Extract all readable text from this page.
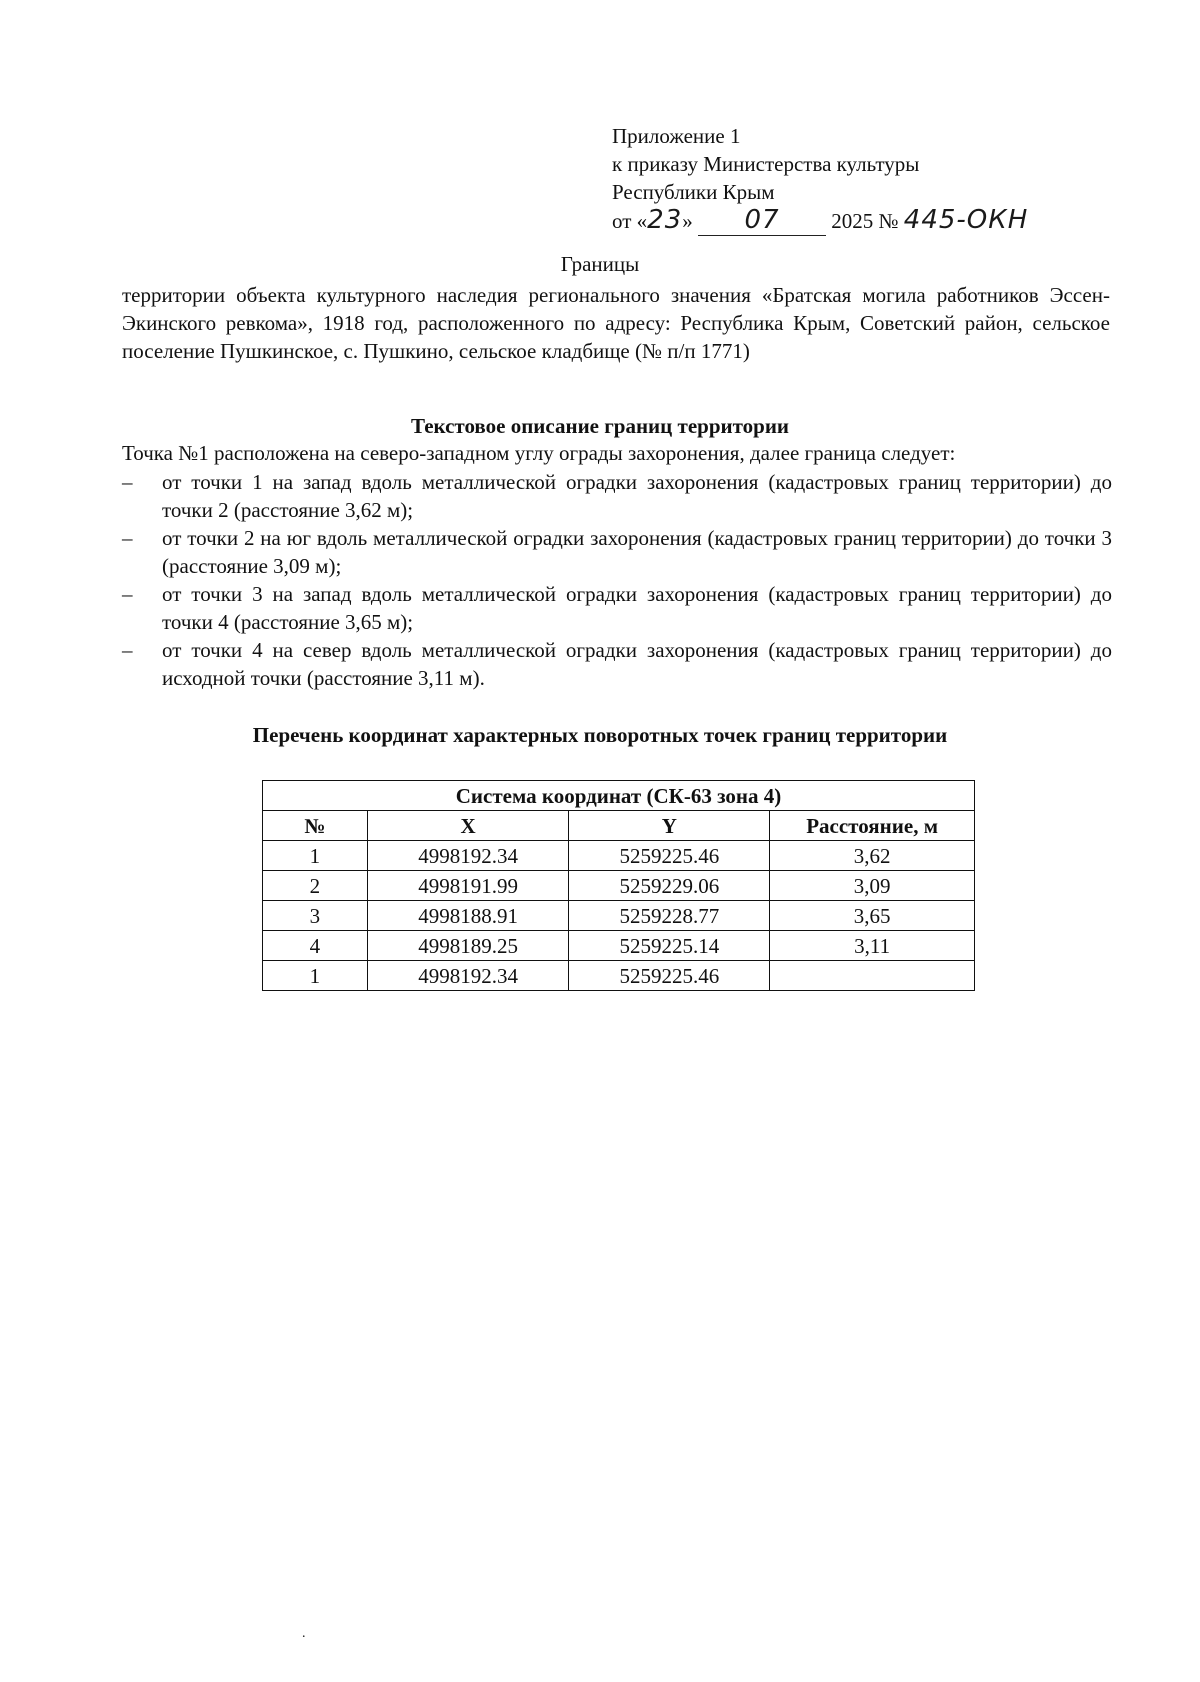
Приложение 1
к приказу Министерства культуры
Республики Крым
от «23» 07 2025 № 445-ОКН
Границы
территории объекта культурного наследия регионального значения «Братская могила работников Эссен-Экинского ревкома», 1918 год, расположенного по адресу: Республика Крым, Советский район, сельское поселение Пушкинское, с. Пушкино, сельское кладбище (№ п/п 1771)
Текстовое описание границ территории
Точка №1 расположена на северо-западном углу ограды захоронения, далее граница следует:
– от точки 1 на запад вдоль металлической оградки захоронения (кадастровых границ территории) до точки 2 (расстояние 3,62 м);
– от точки 2 на юг вдоль металлической оградки захоронения (кадастровых границ территории) до точки 3 (расстояние 3,09 м);
– от точки 3 на запад вдоль металлической оградки захоронения (кадастровых границ территории) до точки 4 (расстояние 3,65 м);
– от точки 4 на север вдоль металлической оградки захоронения (кадастровых границ территории) до исходной точки (расстояние 3,11 м).
Перечень координат характерных поворотных точек границ территории
Система координат (СК-63 зона 4)			
№	X	Y	Расстояние, м
1	4998192.34	5259225.46	3,62
2	4998191.99	5259229.06	3,09
3	4998188.91	5259228.77	3,65
4	4998189.25	5259225.14	3,11
1	4998192.34	5259225.46	
.
